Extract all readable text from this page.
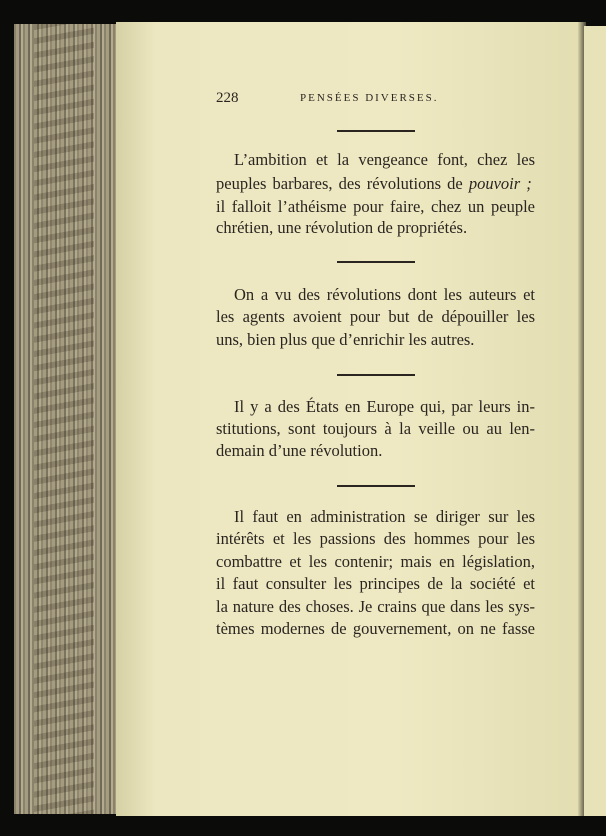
228	PENSÉES DIVERSES.
L’ambition et la vengeance font, chez les
peuples barbares, des révolutions de pouvoir ;
il falloit l’athéisme pour faire, chez un peuple
chrétien, une révolution de propriétés.
On a vu des révolutions dont les auteurs et
les agents avoient pour but de dépouiller les
uns, bien plus que d’enrichir les autres.
Il y a des États en Europe qui, par leurs in-
stitutions, sont toujours à la veille ou au len-
demain d’une révolution.
Il faut en administration se diriger sur les
intérêts et les passions des hommes pour les
combattre et les contenir; mais en législation,
il faut consulter les principes de la société et
la nature des choses. Je crains que dans les sys-
tèmes modernes de gouvernement, on ne fasse
